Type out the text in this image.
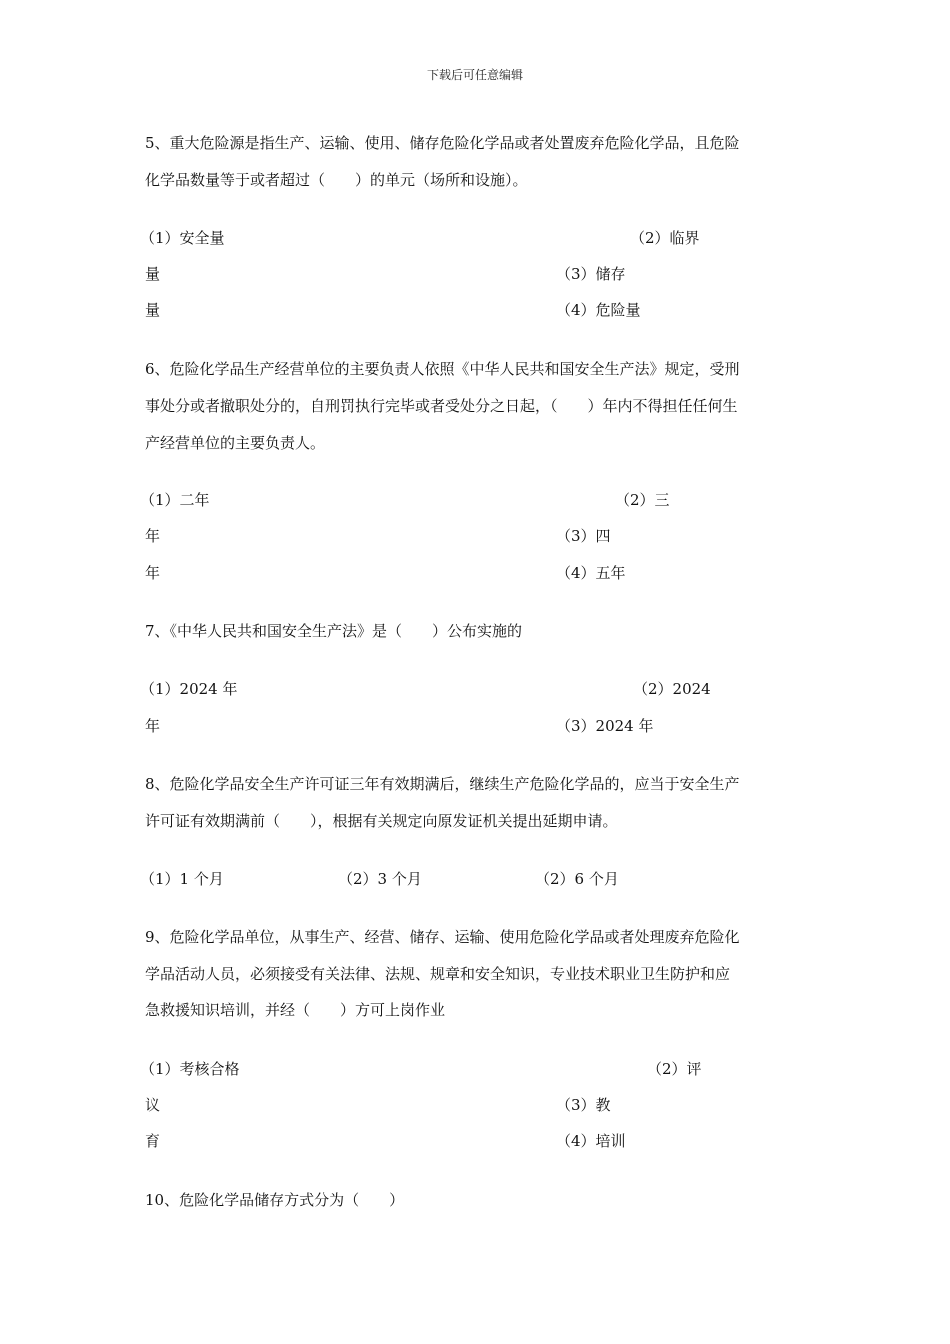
下载后可任意编辑
5、重大危险源是指生产、运输、使用、储存危险化学品或者处置废弃危险化学品，且危险
化学品数量等于或者超过（　　）的单元（场所和设施）。
（1）安全量	（2）临界
量	（3）储存
量	（4）危险量
6、危险化学品生产经营单位的主要负责人依照《中华人民共和国安全生产法》规定，受刑
事处分或者撤职处分的，自刑罚执行完毕或者受处分之日起，（　　）年内不得担任任何生
产经营单位的主要负责人。
（1）二年	（2）三
年	（3）四
年	（4）五年
7、《中华人民共和国安全生产法》是（　　）公布实施的
（1）2024 年	（2）2024
年	（3）2024 年
8、危险化学品安全生产许可证三年有效期满后，继续生产危险化学品的，应当于安全生产
许可证有效期满前（　　），根据有关规定向原发证机关提出延期申请。
（1）1 个月	（2）3 个月	（2）6 个月
9、危险化学品单位，从事生产、经营、储存、运输、使用危险化学品或者处理废弃危险化
学品活动人员，必须接受有关法律、法规、规章和安全知识，专业技术职业卫生防护和应
急救援知识培训，并经（　　）方可上岗作业
（1）考核合格	（2）评
议	（3）教
育	（4）培训
10、危险化学品储存方式分为（　　）
